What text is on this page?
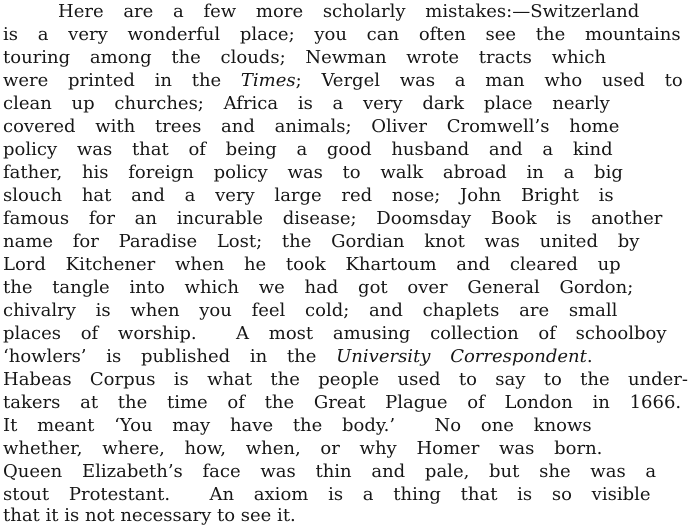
Here are a few more scholarly mistakes:—Switzerland
is a very wonderful place; you can often see the mountains
touring among the clouds; Newman wrote tracts which
were printed in the Times; Vergel was a man who used to
clean up churches; Africa is a very dark place nearly
covered with trees and animals; Oliver Cromwell’s home
policy was that of being a good husband and a kind
father, his foreign policy was to walk abroad in a big
slouch hat and a very large red nose; John Bright is
famous for an incurable disease; Doomsday Book is another
name for Paradise Lost; the Gordian knot was united by
Lord Kitchener when he took Khartoum and cleared up
the tangle into which we had got over General Gordon;
chivalry is when you feel cold; and chaplets are small
places of worship.  A most amusing collection of schoolboy
‘howlers’ is published in the University Correspondent.
Habeas Corpus is what the people used to say to the under-
takers at the time of the Great Plague of London in 1666.
It meant ‘You may have the body.’  No one knows
whether, where, how, when, or why Homer was born.
Queen Elizabeth’s face was thin and pale, but she was a
stout Protestant.  An axiom is a thing that is so visible
that it is not necessary to see it.
